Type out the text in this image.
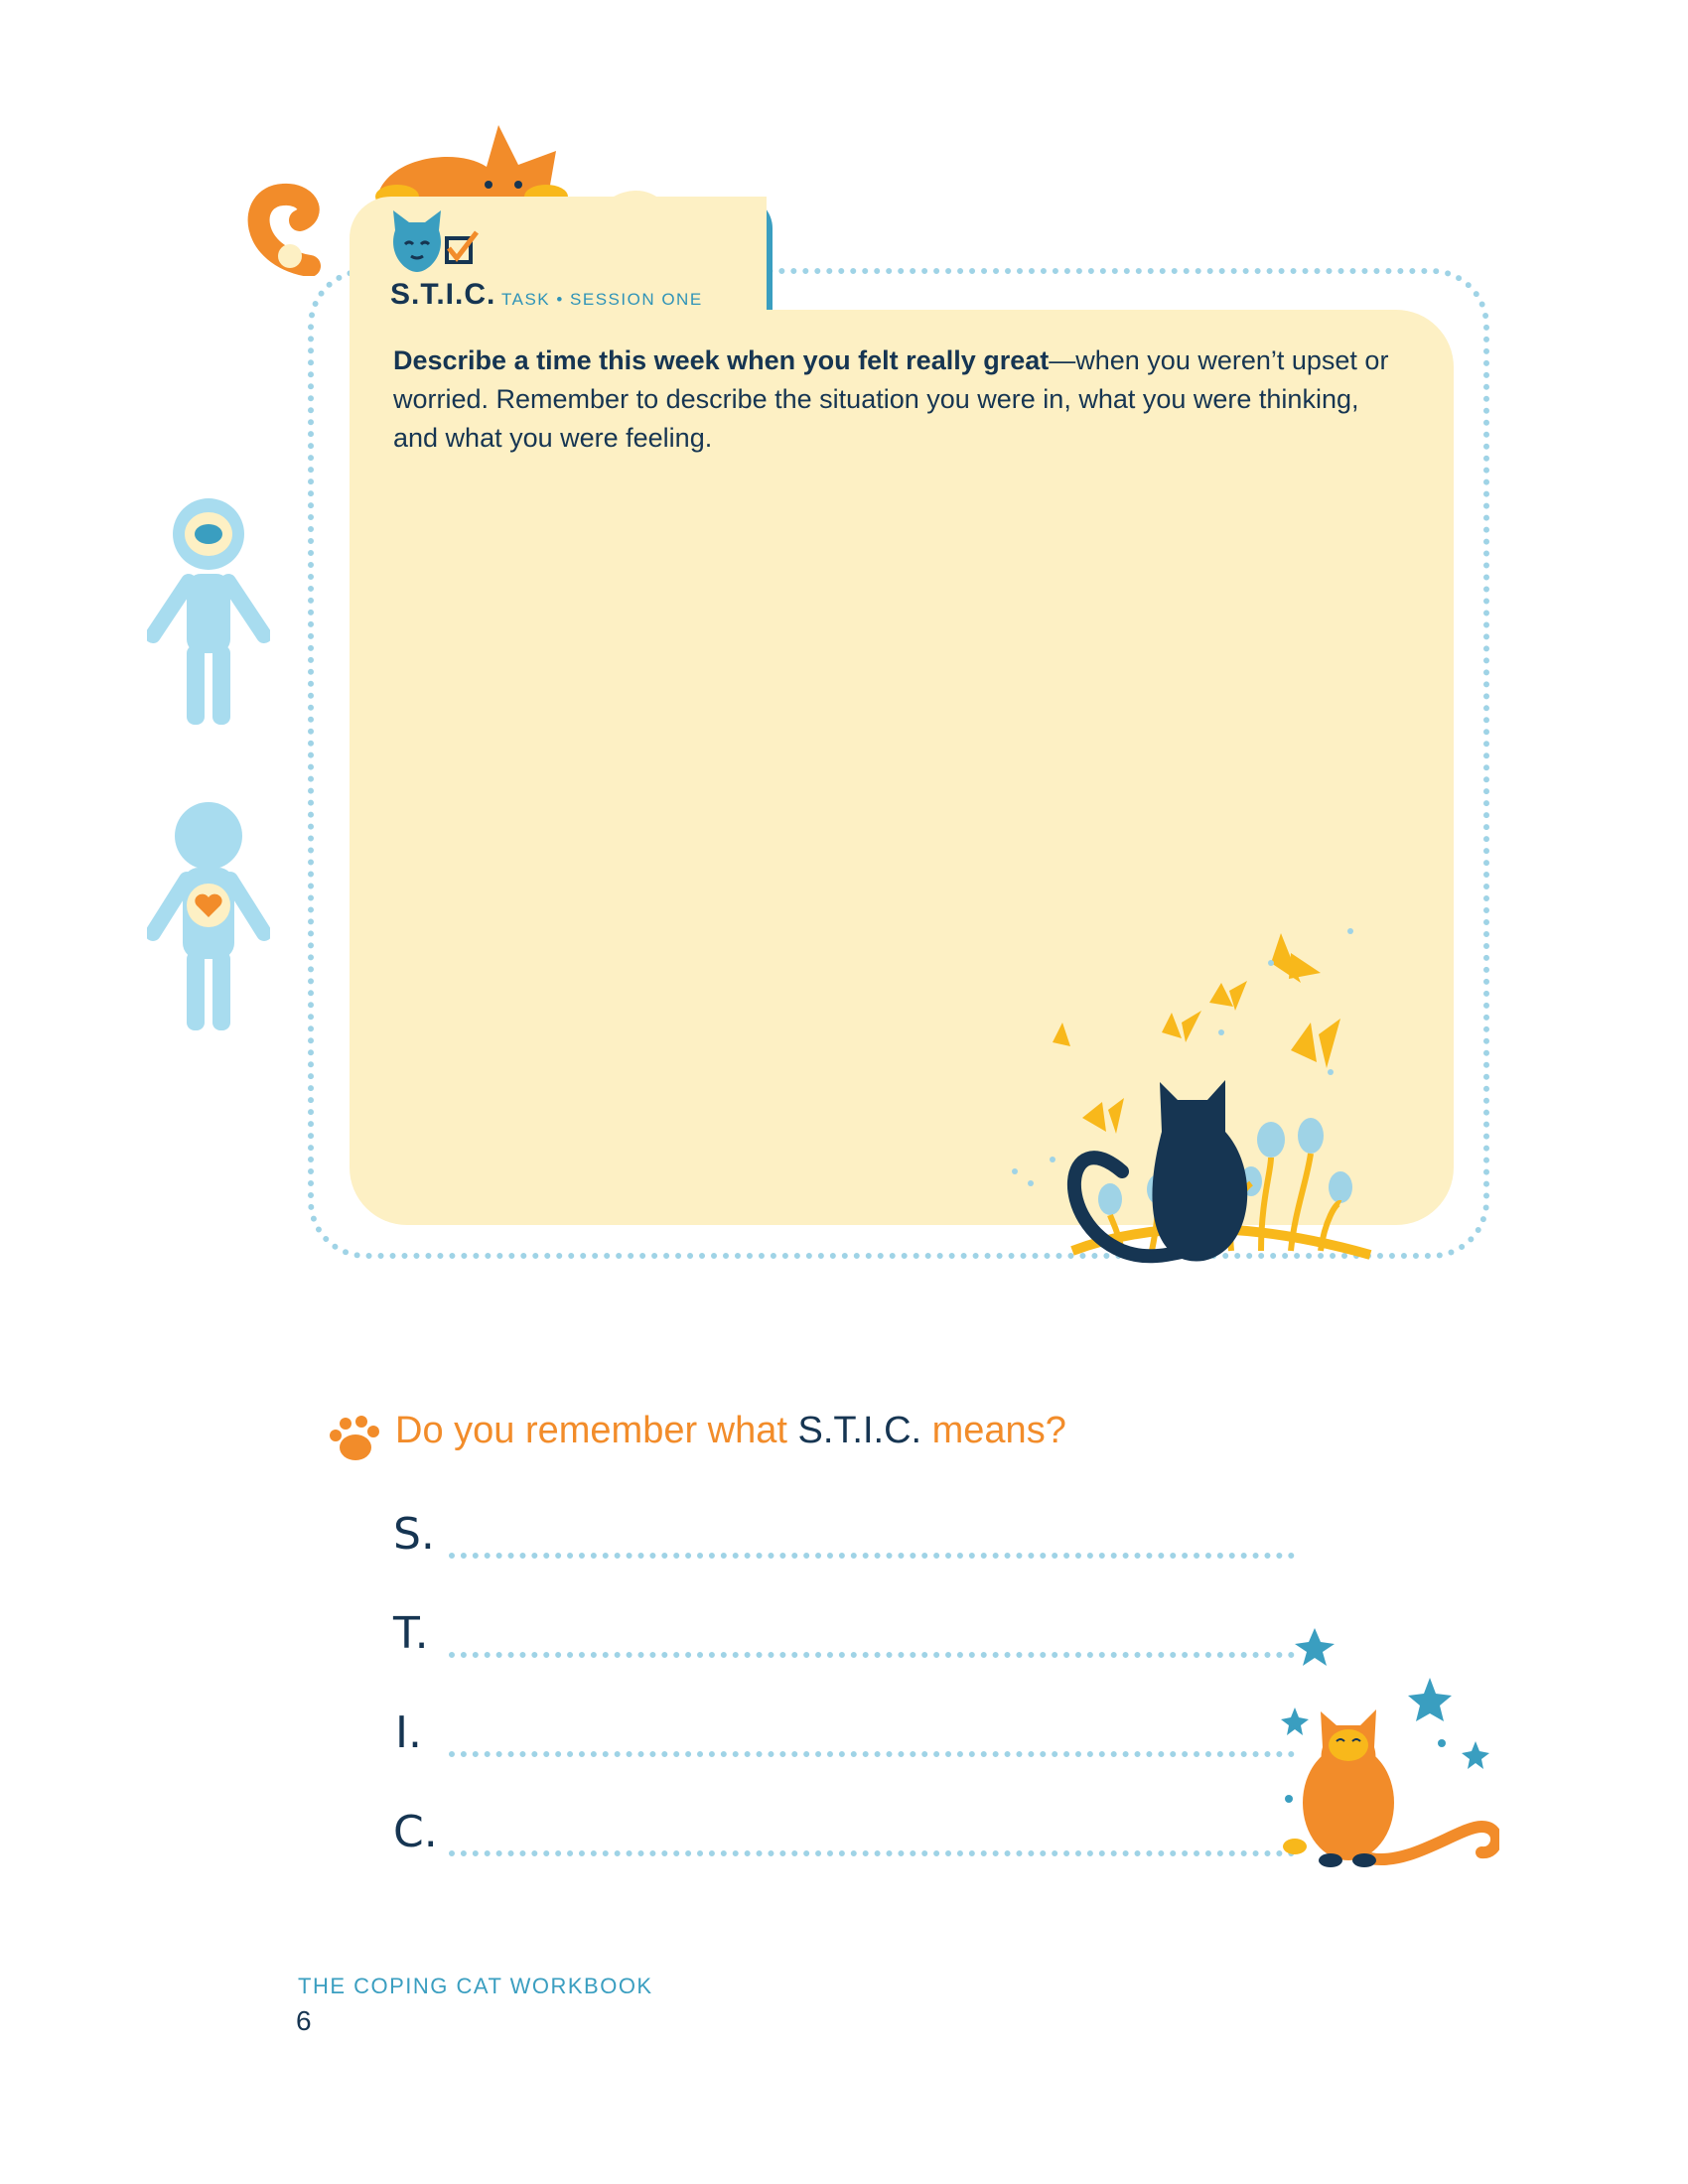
S.T.I.C. TASK • SESSION ONE
Describe a time this week when you felt really great—when you weren’t upset or worried. Remember to describe the situation you were in, what you were thinking, and what you were feeling.
Do you remember what S.T.I.C. means?
S.
T.
I.
C.
THE COPING CAT WORKBOOK
6
